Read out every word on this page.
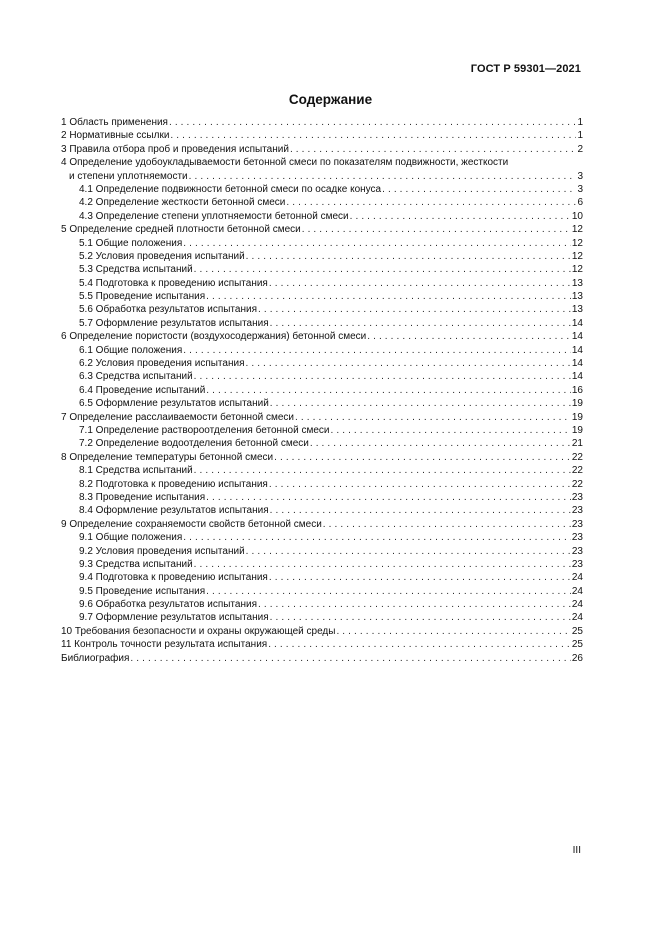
ГОСТ Р 59301—2021
Содержание
1 Область применения . . .	1
2 Нормативные ссылки . . .	1
3 Правила отбора проб и проведения испытаний . . .	2
4 Определение удобоукладываемости бетонной смеси по показателям подвижности, жесткости
и степени уплотняемости . . .	3
4.1 Определение подвижности бетонной смеси по осадке конуса . . .	3
4.2 Определение жесткости бетонной смеси . . .	6
4.3 Определение степени уплотняемости бетонной смеси . . .	10
5 Определение средней плотности бетонной смеси . . .	12
5.1 Общие положения . . .	12
5.2 Условия проведения испытаний . . .	12
5.3 Средства испытаний . . .	12
5.4 Подготовка к проведению испытания . . .	13
5.5 Проведение испытания . . .	13
5.6 Обработка результатов испытания . . .	13
5.7 Оформление результатов испытания . . .	14
6 Определение пористости (воздухосодержания) бетонной смеси . . .	14
6.1 Общие положения . . .	14
6.2 Условия проведения испытания . . .	14
6.3 Средства испытаний . . .	14
6.4 Проведение испытаний . . .	16
6.5 Оформление результатов испытаний . . .	19
7 Определение расслаиваемости бетонной смеси . . .	19
7.1 Определение раствороотделения бетонной смеси . . .	19
7.2 Определение водоотделения бетонной смеси . . .	21
8 Определение температуры бетонной смеси . . .	22
8.1 Средства испытаний . . .	22
8.2 Подготовка к проведению испытания . . .	22
8.3 Проведение испытания . . .	23
8.4 Оформление результатов испытания . . .	23
9 Определение сохраняемости свойств бетонной смеси . . .	23
9.1 Общие положения . . .	23
9.2 Условия проведения испытаний . . .	23
9.3 Средства испытаний . . .	23
9.4 Подготовка к проведению испытания . . .	24
9.5 Проведение испытания . . .	24
9.6 Обработка результатов испытания . . .	24
9.7 Оформление результатов испытания . . .	24
10 Требования безопасности и охраны окружающей среды . . .	25
11 Контроль точности результата испытания . . .	25
Библиография . . .	26
III
